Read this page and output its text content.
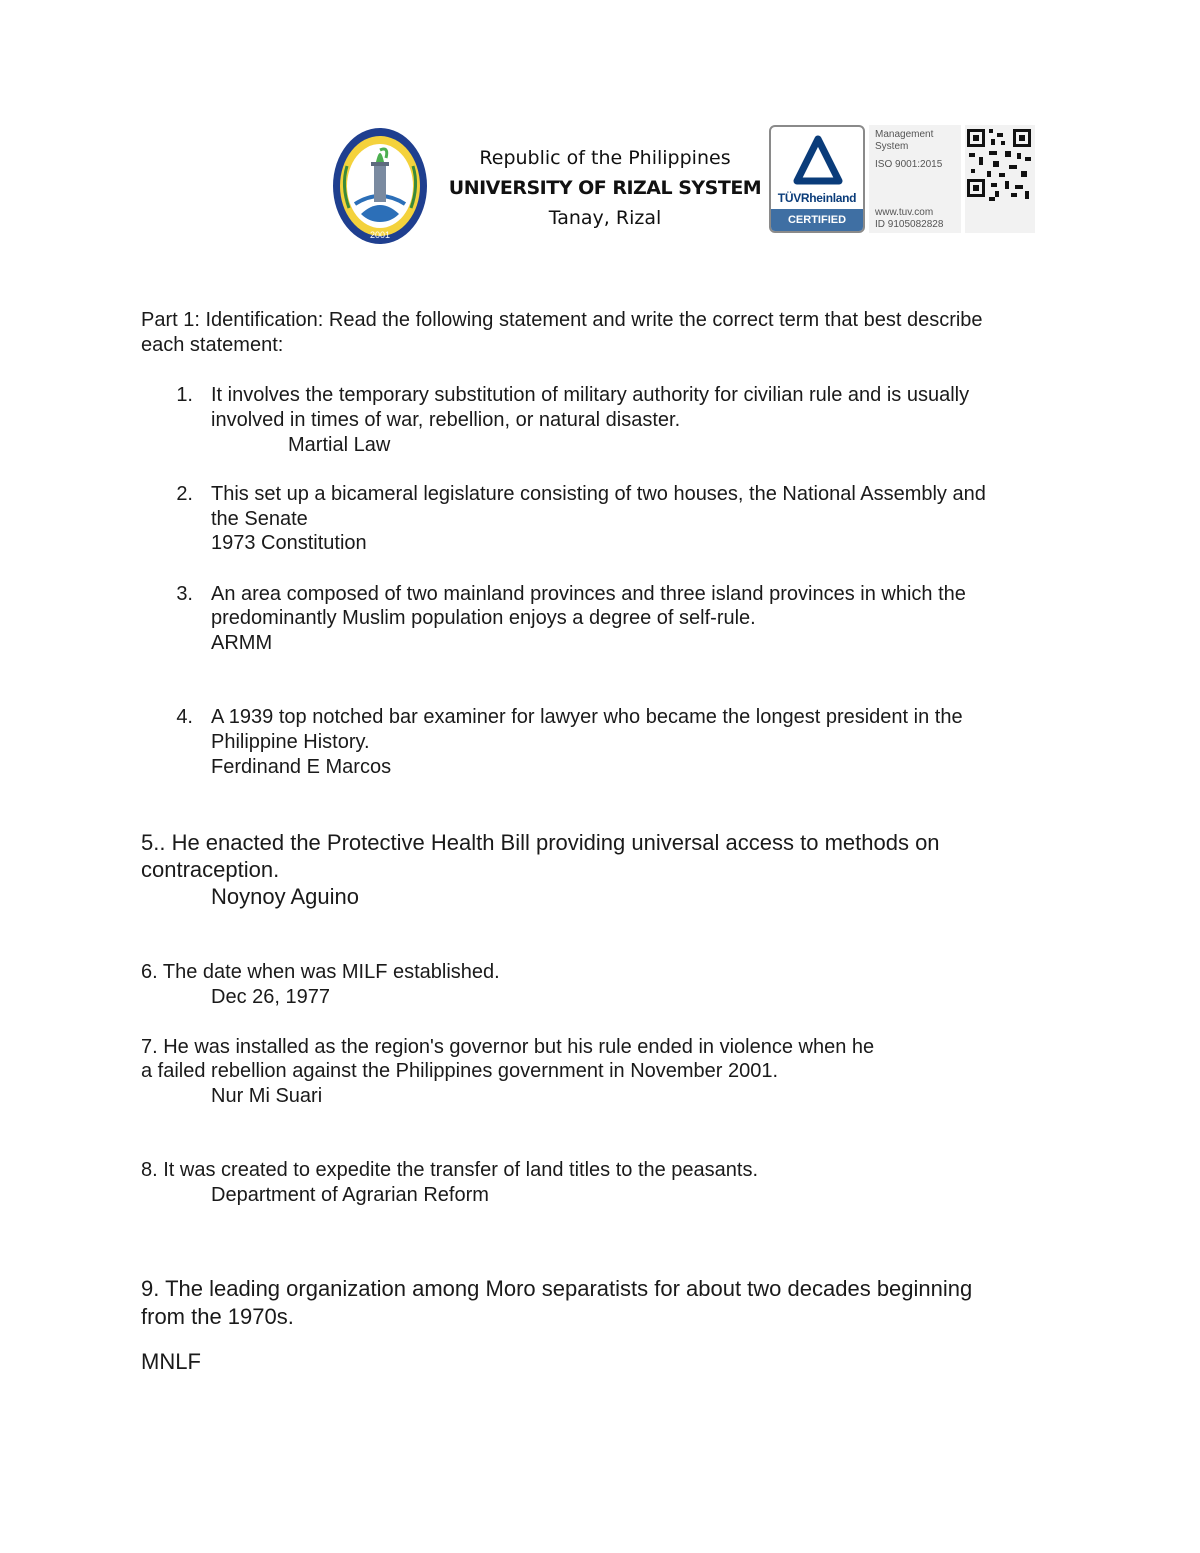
2001
Republic of the Philippines
UNIVERSITY OF RIZAL SYSTEM
Tanay, Rizal
TÜVRheinland
CERTIFIED
Management
System
ISO 9001:2015
www.tuv.com
ID 9105082828
Part 1: Identification: Read the following statement and write the correct term that best describe
each statement:
1. It involves the temporary substitution of military authority for civilian rule and is usually
involved in times of war, rebellion, or natural disaster.
Martial Law
2. This set up a bicameral legislature consisting of two houses, the National Assembly and
the Senate
1973 Constitution
3. An area composed of two mainland provinces and three island provinces in which the
predominantly Muslim population enjoys a degree of self-rule.
ARMM
4. A 1939 top notched bar examiner for lawyer who became the longest president in the
Philippine History.
Ferdinand E Marcos
5.. He enacted the Protective Health Bill providing universal access to methods on
contraception.
Noynoy Aguino
6. The date when was MILF established.
Dec 26, 1977
7. He was installed as the region's governor but his rule ended in violence when he
a failed rebellion against the Philippines government in November 2001.
Nur Mi Suari
8. It was created to expedite the transfer of land titles to the peasants.
Department of Agrarian Reform
9. The leading organization among Moro separatists for about two decades beginning
from the 1970s.
MNLF
